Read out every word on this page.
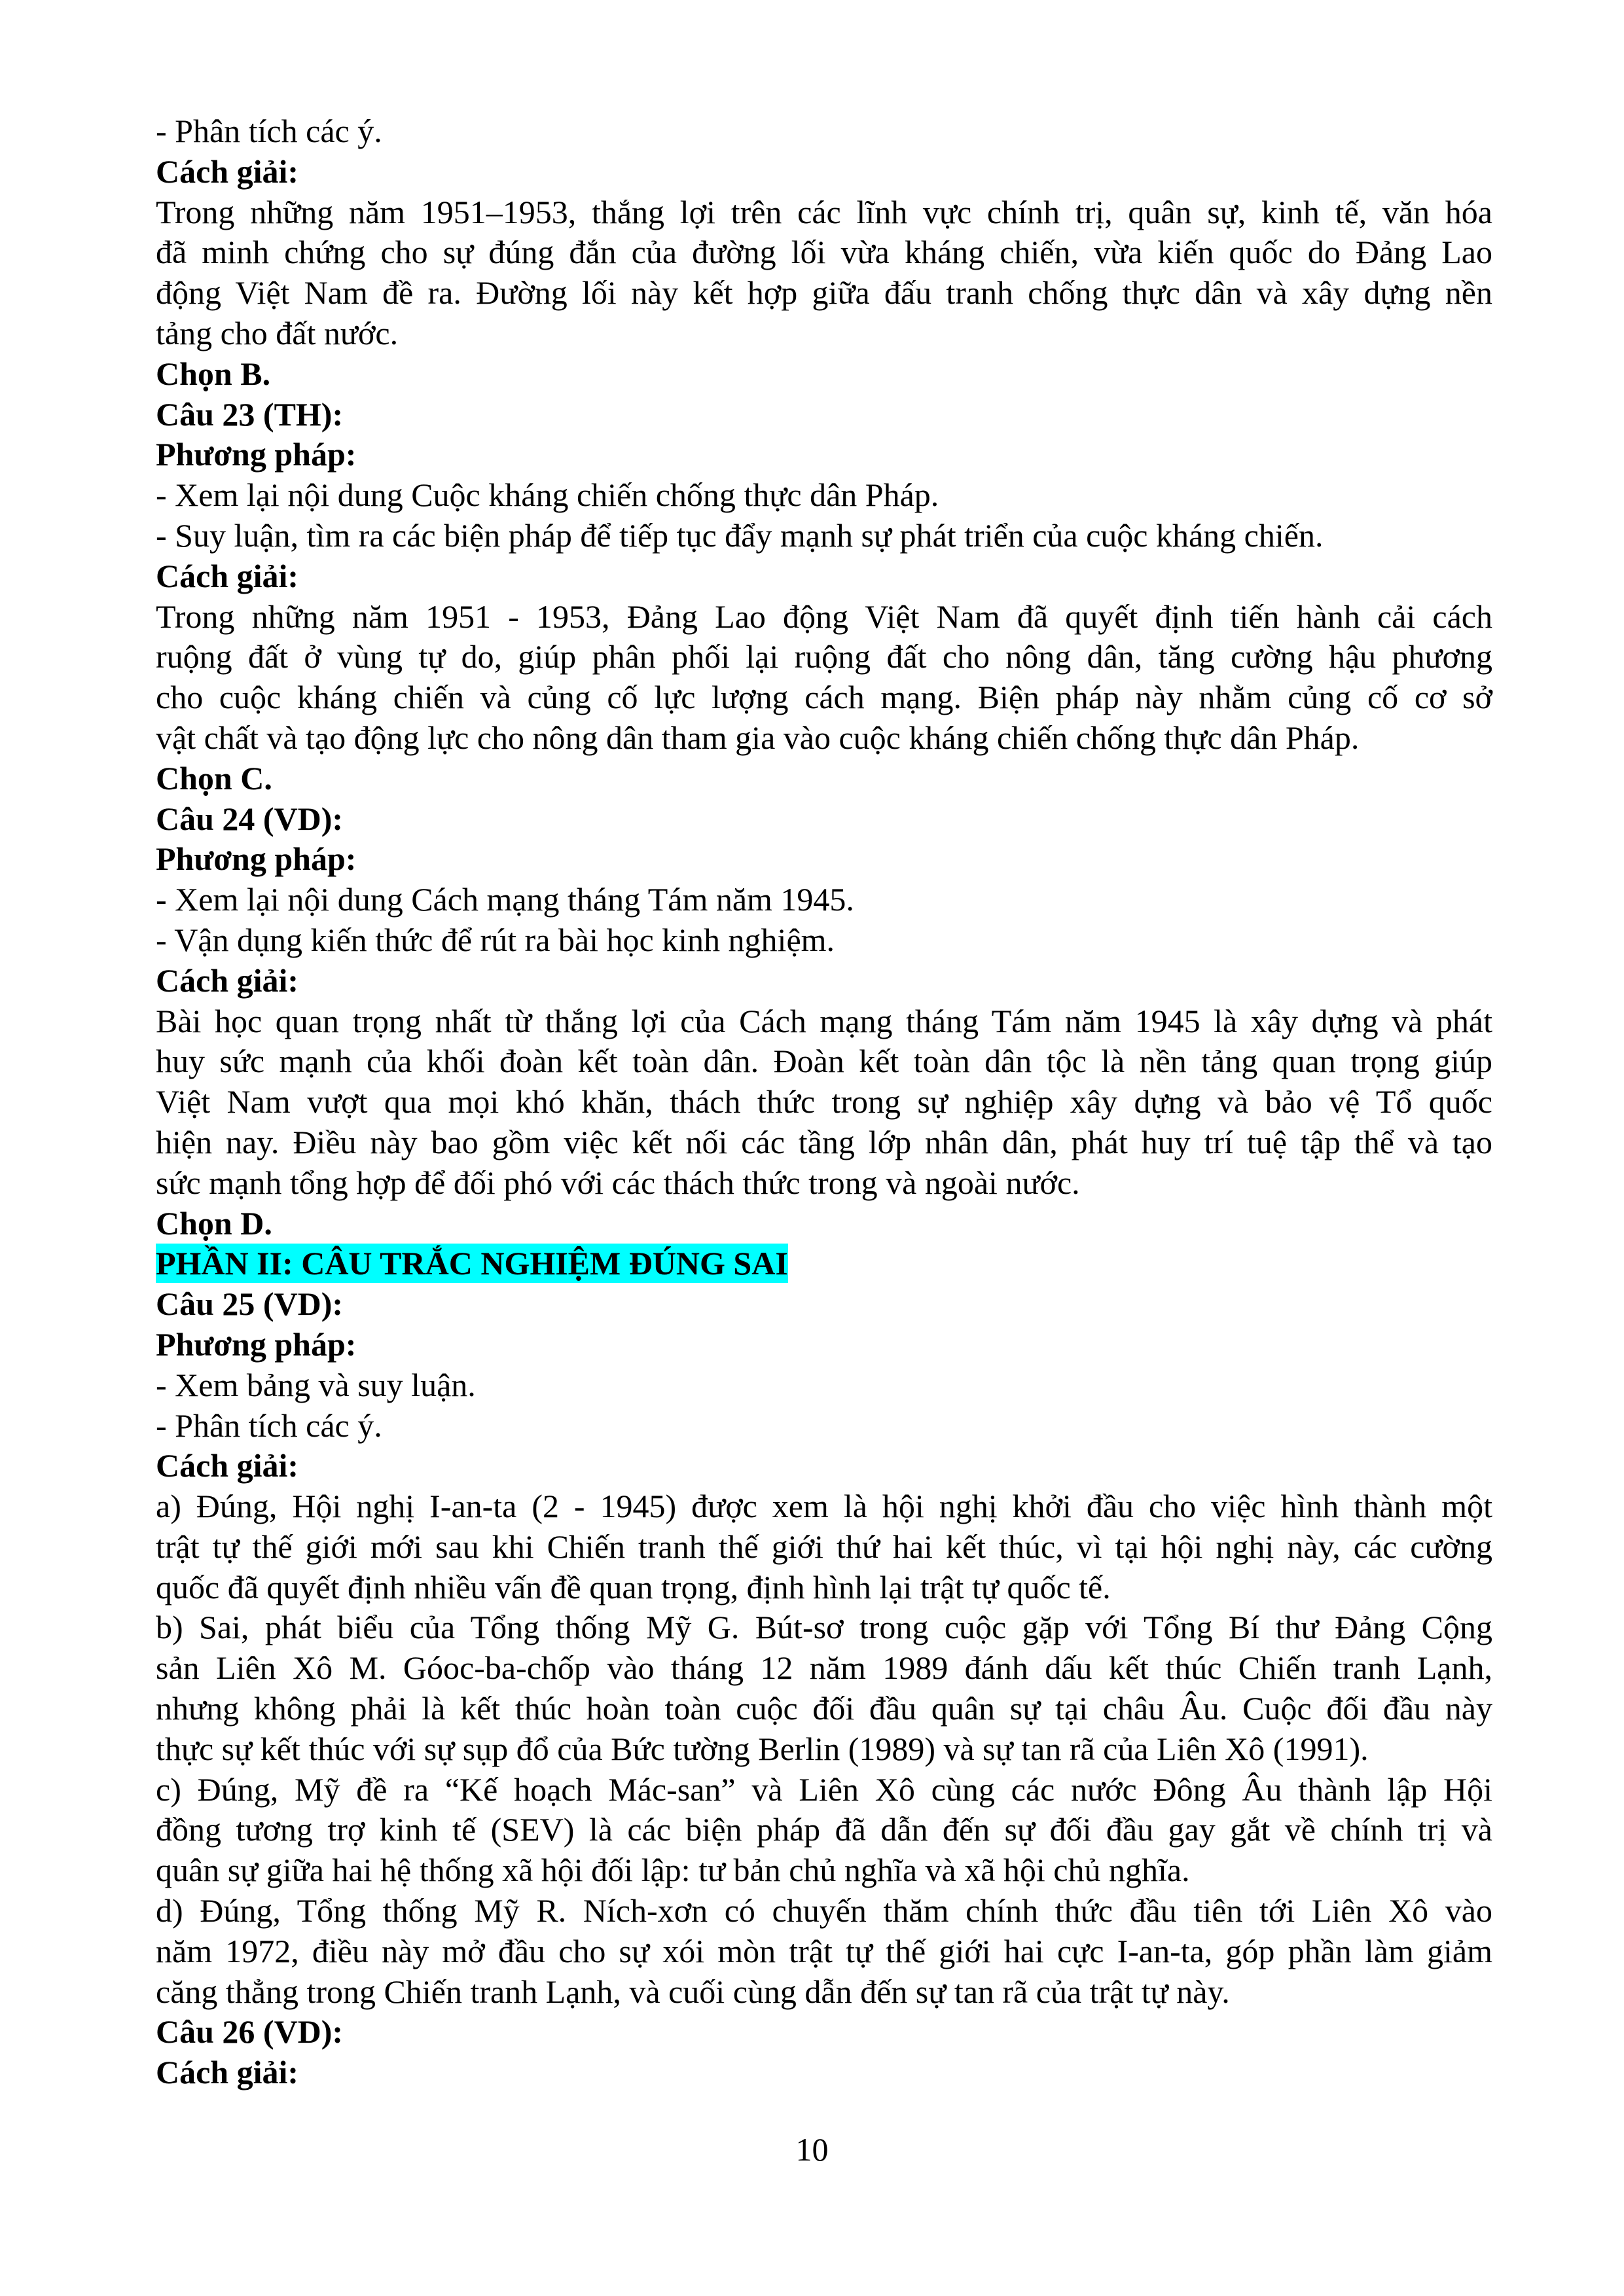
- Phân tích các ý.
Cách giải:
Trong những năm 1951–1953, thắng lợi trên các lĩnh vực chính trị, quân sự, kinh tế, văn hóa
đã minh chứng cho sự đúng đắn của đường lối vừa kháng chiến, vừa kiến quốc do Đảng Lao
động Việt Nam đề ra. Đường lối này kết hợp giữa đấu tranh chống thực dân và xây dựng nền
tảng cho đất nước.
Chọn B.
Câu 23 (TH):
Phương pháp:
- Xem lại nội dung Cuộc kháng chiến chống thực dân Pháp.
- Suy luận, tìm ra các biện pháp để tiếp tục đẩy mạnh sự phát triển của cuộc kháng chiến.
Cách giải:
Trong những năm 1951 - 1953, Đảng Lao động Việt Nam đã quyết định tiến hành cải cách
ruộng đất ở vùng tự do, giúp phân phối lại ruộng đất cho nông dân, tăng cường hậu phương
cho cuộc kháng chiến và củng cố lực lượng cách mạng. Biện pháp này nhằm củng cố cơ sở
vật chất và tạo động lực cho nông dân tham gia vào cuộc kháng chiến chống thực dân Pháp.
Chọn C.
Câu 24 (VD):
Phương pháp:
- Xem lại nội dung Cách mạng tháng Tám năm 1945.
- Vận dụng kiến thức để rút ra bài học kinh nghiệm.
Cách giải:
Bài học quan trọng nhất từ thắng lợi của Cách mạng tháng Tám năm 1945 là xây dựng và phát
huy sức mạnh của khối đoàn kết toàn dân. Đoàn kết toàn dân tộc là nền tảng quan trọng giúp
Việt Nam vượt qua mọi khó khăn, thách thức trong sự nghiệp xây dựng và bảo vệ Tổ quốc
hiện nay. Điều này bao gồm việc kết nối các tầng lớp nhân dân, phát huy trí tuệ tập thể và tạo
sức mạnh tổng hợp để đối phó với các thách thức trong và ngoài nước.
Chọn D.
PHẦN II: CÂU TRẮC NGHIỆM ĐÚNG SAI
Câu 25 (VD):
Phương pháp:
- Xem bảng và suy luận.
- Phân tích các ý.
Cách giải:
a) Đúng, Hội nghị I-an-ta (2 - 1945) được xem là hội nghị khởi đầu cho việc hình thành một
trật tự thế giới mới sau khi Chiến tranh thế giới thứ hai kết thúc, vì tại hội nghị này, các cường
quốc đã quyết định nhiều vấn đề quan trọng, định hình lại trật tự quốc tế.
b) Sai, phát biểu của Tổng thống Mỹ G. Bút-sơ trong cuộc gặp với Tổng Bí thư Đảng Cộng
sản Liên Xô M. Góoc-ba-chốp vào tháng 12 năm 1989 đánh dấu kết thúc Chiến tranh Lạnh,
nhưng không phải là kết thúc hoàn toàn cuộc đối đầu quân sự tại châu Âu. Cuộc đối đầu này
thực sự kết thúc với sự sụp đổ của Bức tường Berlin (1989) và sự tan rã của Liên Xô (1991).
c) Đúng, Mỹ đề ra “Kế hoạch Mác-san” và Liên Xô cùng các nước Đông Âu thành lập Hội
đồng tương trợ kinh tế (SEV) là các biện pháp đã dẫn đến sự đối đầu gay gắt về chính trị và
quân sự giữa hai hệ thống xã hội đối lập: tư bản chủ nghĩa và xã hội chủ nghĩa.
d) Đúng, Tổng thống Mỹ R. Ních-xơn có chuyến thăm chính thức đầu tiên tới Liên Xô vào
năm 1972, điều này mở đầu cho sự xói mòn trật tự thế giới hai cực I-an-ta, góp phần làm giảm
căng thẳng trong Chiến tranh Lạnh, và cuối cùng dẫn đến sự tan rã của trật tự này.
Câu 26 (VD):
Cách giải:
10
